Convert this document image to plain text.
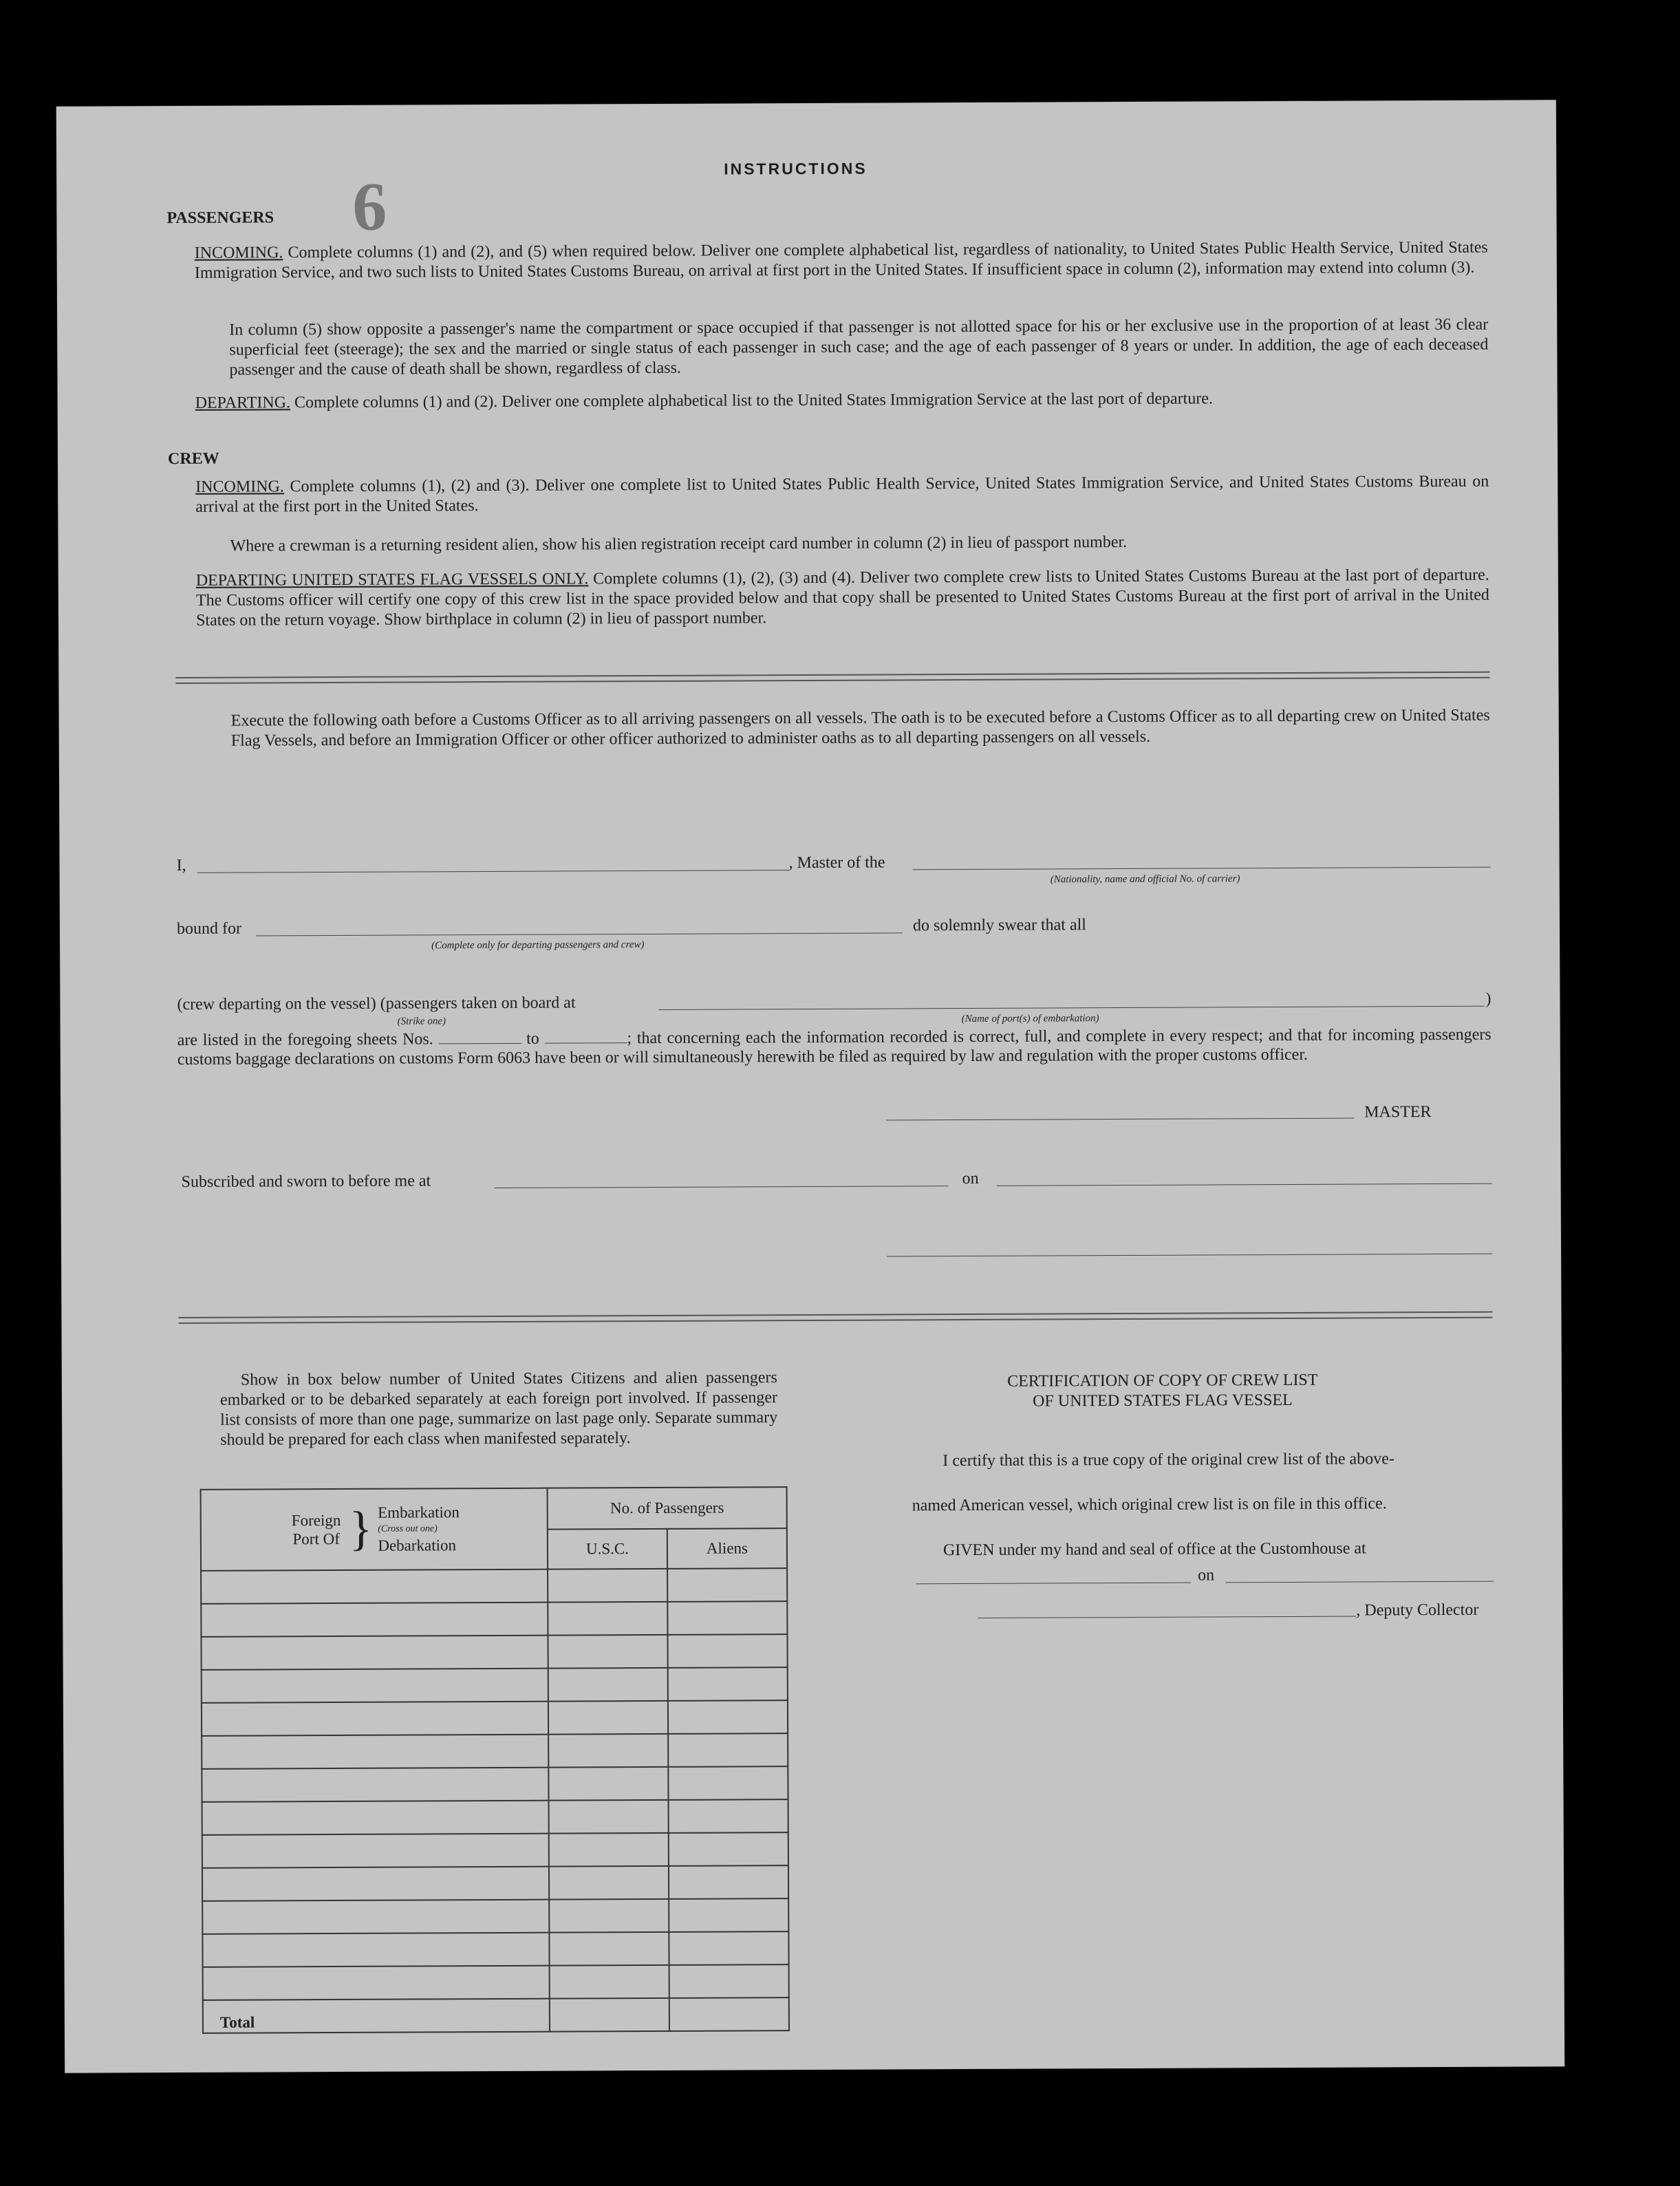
6	INSTRUCTIONS
PASSENGERS
INCOMING. Complete columns (1) and (2), and (5) when required below. Deliver one complete alphabetical list, regardless of nationality, to United States Public Health Service, United States Immigration Service, and two such lists to United States Customs Bureau, on arrival at first port in the United States. If insufficient space in column (2), information may extend into column (3).
In column (5) show opposite a passenger's name the compartment or space occupied if that passenger is not allotted space for his or her exclusive use in the proportion of at least 36 clear superficial feet (steerage); the sex and the married or single status of each passenger in such case; and the age of each passenger of 8 years or under. In addition, the age of each deceased passenger and the cause of death shall be shown, regardless of class.
DEPARTING. Complete columns (1) and (2). Deliver one complete alphabetical list to the United States Immigration Service at the last port of departure.
CREW
INCOMING. Complete columns (1), (2) and (3). Deliver one complete list to United States Public Health Service, United States Immigration Service, and United States Customs Bureau on arrival at the first port in the United States.
Where a crewman is a returning resident alien, show his alien registration receipt card number in column (2) in lieu of passport number.
DEPARTING UNITED STATES FLAG VESSELS ONLY. Complete columns (1), (2), (3) and (4). Deliver two complete crew lists to United States Customs Bureau at the last port of departure. The Customs officer will certify one copy of this crew list in the space provided below and that copy shall be presented to United States Customs Bureau at the first port of arrival in the United States on the return voyage. Show birthplace in column (2) in lieu of passport number.
Execute the following oath before a Customs Officer as to all arriving passengers on all vessels. The oath is to be executed before a Customs Officer as to all departing crew on United States Flag Vessels, and before an Immigration Officer or other officer authorized to administer oaths as to all departing passengers on all vessels.
I,	, Master of the
(Nationality, name and official No. of carrier)
bound for
(Complete only for departing passengers and crew)
do solemnly swear that all
(crew departing on the vessel) (passengers taken on board at	)
(Strike one)	(Name of port(s) of embarkation)
are listed in the foregoing sheets Nos.	to	; that concerning each the information recorded is correct, full, and complete in every respect; and that for incoming passengers customs baggage declarations on customs Form 6063 have been or will simultaneously herewith be filed as required by law and regulation with the proper customs officer.
MASTER
Subscribed and sworn to before me at	on
Show in box below number of United States Citizens and alien passengers embarked or to be debarked separately at each foreign port involved. If passenger list consists of more than one page, summarize on last page only. Separate summary should be prepared for each class when manifested separately.
Foreign Port Of } Embarkation
(Cross out one)
Debarkation	No. of Passengers	
	U.S.C.	Aliens

Total		
CERTIFICATION OF COPY OF CREW LIST
OF UNITED STATES FLAG VESSEL
I certify that this is a true copy of the original crew list of the above-
named American vessel, which original crew list is on file in this office.
GIVEN under my hand and seal of office at the Customhouse at
on
, Deputy Collector
